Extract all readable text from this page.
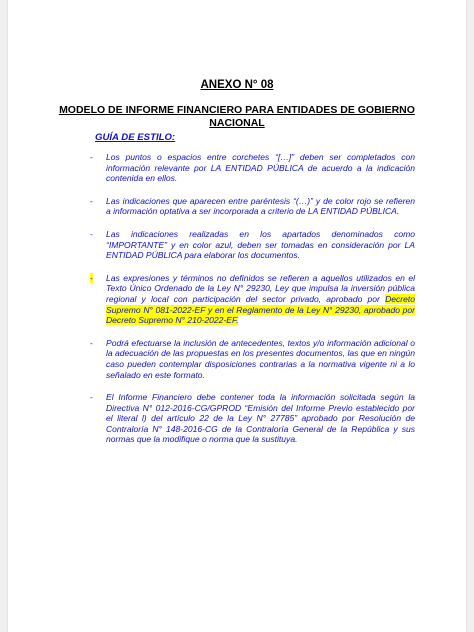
ANEXO N° 08
MODELO DE INFORME FINANCIERO PARA ENTIDADES DE GOBIERNO NACIONAL
GUÍA DE ESTILO:
- Los puntos o espacios entre corchetes “[…]” deben ser completados con información relevante por LA ENTIDAD PÚBLICA de acuerdo a la indicación contenida en ellos.
- Las indicaciones que aparecen entre paréntesis “(…)” y de color rojo se refieren a información optativa a ser incorporada a criterio de LA ENTIDAD PÚBLICA.
- Las indicaciones realizadas en los apartados denominados como “IMPORTANTE” y en color azul, deben ser tomadas en consideración por LA ENTIDAD PÚBLICA para elaborar los documentos.
- Las expresiones y términos no definidos se refieren a aquellos utilizados en el Texto Único Ordenado de la Ley N° 29230, Ley que impulsa la inversión pública regional y local con participación del sector privado, aprobado por Decreto Supremo N° 081-2022-EF y en el Reglamento de la Ley N° 29230, aprobado por Decreto Supremo N° 210-2022-EF.
- Podrá efectuarse la inclusión de antecedentes, textos y/o información adicional o la adecuación de las propuestas en los presentes documentos, las que en ningún caso pueden contemplar disposiciones contrarias a la normativa vigente ni a lo señalado en este formato.
- El Informe Financiero debe contener toda la información solicitada según la Directiva N° 012-2016-CG/GPROD “Emisión del Informe Previo establecido por el literal l) del artículo 22 de la Ley N° 27785” aprobado por Resolución de Contraloría N° 148-2016-CG de la Contraloría General de la República y sus normas que la modifique o norma que la sustituya.
